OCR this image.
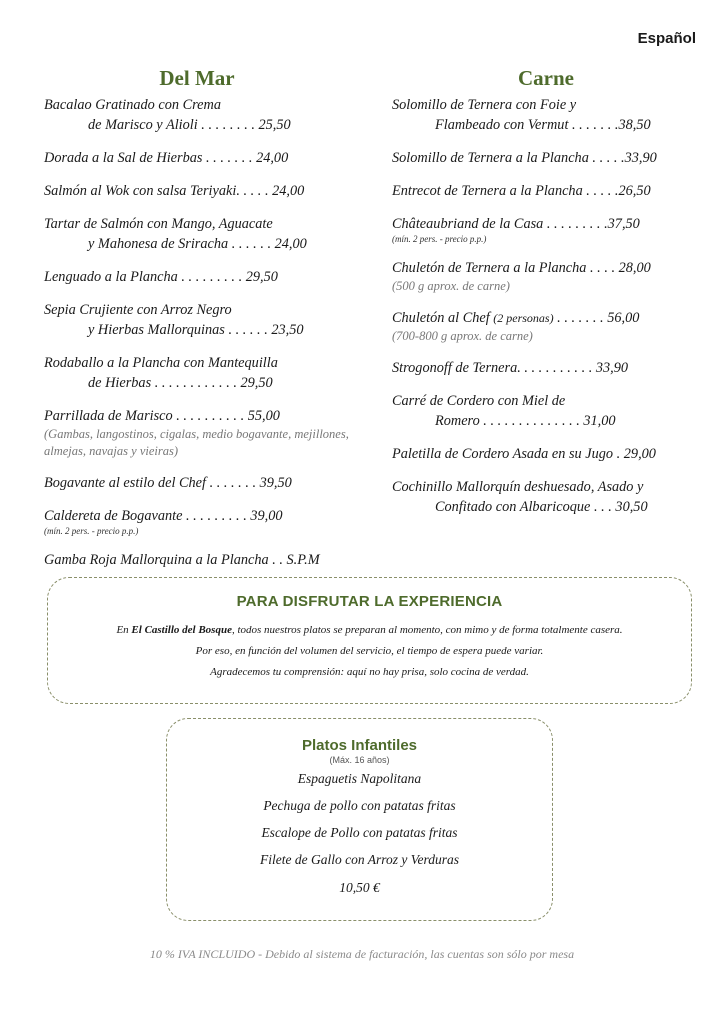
Español
Del Mar
Bacalao Gratinado con Crema
de Marisco y Alioli . . . . . . . . 25,50
Dorada a la Sal de Hierbas . . . . . . . 24,00
Salmón al Wok con salsa Teriyaki. . . . . 24,00
Tartar de Salmón con Mango, Aguacate
y Mahonesa de Sriracha . . . . . . 24,00
Lenguado a la Plancha . . . . . . . . . 29,50
Sepia Crujiente con Arroz Negro
y Hierbas Mallorquinas . . . . . . 23,50
Rodaballo a la Plancha con Mantequilla
de Hierbas . . . . . . . . . . . . 29,50
Parrillada de Marisco . . . . . . . . . . 55,00
(Gambas, langostinos, cigalas, medio bogavante, mejillones, almejas, navajas y vieiras)
Bogavante al estilo del Chef . . . . . . . 39,50
Caldereta de Bogavante . . . . . . . . . 39,00
(mín. 2 pers. - precio p.p.)
Gamba Roja Mallorquina a la Plancha . . S.P.M
Carne
Solomillo de Ternera con Foie y
Flambeado con Vermut . . . . . . .38,50
Solomillo de Ternera a la Plancha . . . . .33,90
Entrecot de Ternera a la Plancha . . . . .26,50
Châteaubriand de la Casa . . . . . . . . .37,50
(mín. 2 pers. - precio p.p.)
Chuletón de Ternera a la Plancha . . . . 28,00
(500 g aprox. de carne)
Chuletón al Chef (2 personas) . . . . . . . 56,00
(700-800 g aprox. de carne)
Strogonoff de Ternera. . . . . . . . . . . 33,90
Carré de Cordero con Miel de
Romero . . . . . . . . . . . . . . 31,00
Paletilla de Cordero Asada en su Jugo . 29,00
Cochinillo Mallorquín deshuesado, Asado y
Confitado con Albaricoque . . . 30,50
PARA DISFRUTAR LA EXPERIENCIA
En El Castillo del Bosque, todos nuestros platos se preparan al momento, con mimo y de forma totalmente casera.
Por eso, en función del volumen del servicio, el tiempo de espera puede variar.
Agradecemos tu comprensión: aquí no hay prisa, solo cocina de verdad.
Platos Infantiles
(Máx. 16 años)
Espaguetis Napolitana
Pechuga de pollo con patatas fritas
Escalope de Pollo con patatas fritas
Filete de Gallo con Arroz y Verduras
10,50 €
10 % IVA INCLUIDO - Debido al sistema de facturación, las cuentas son sólo por mesa
